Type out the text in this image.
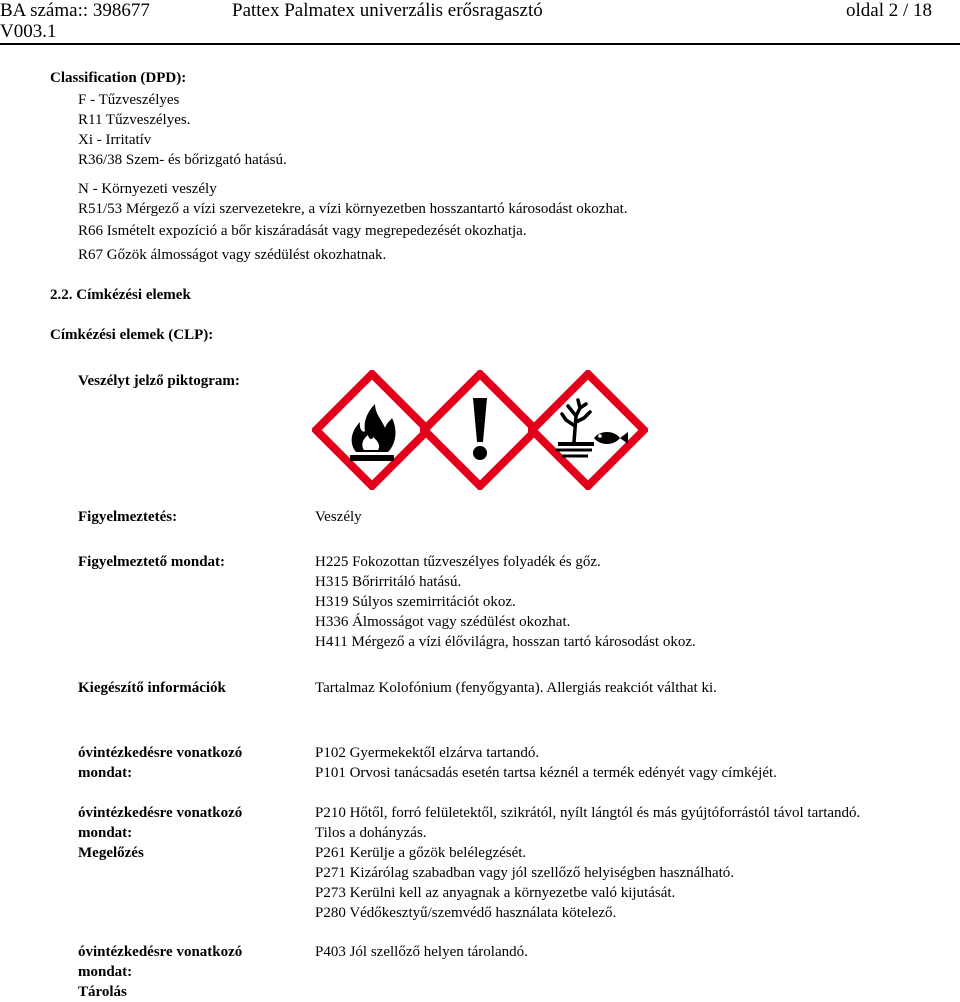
BA száma:: 398677
V003.1
Pattex Palmatex univerzális erősragasztó	oldal 2 / 18
Classification (DPD):
F - Tűzveszélyes
R11 Tűzveszélyes.
Xi - Irritatív
R36/38 Szem- és bőrizgató hatású.
N - Környezeti veszély
R51/53 Mérgező a vízi szervezetekre, a vízi környezetben hosszantartó károsodást okozhat.
R66 Ismételt expozíció a bőr kiszáradását vagy megrepedezését okozhatja.
R67 Gőzök álmosságot vagy szédülést okozhatnak.
2.2. Címkézési elemek
Címkézési elemek (CLP):
Veszélyt jelző piktogram:
Figyelmeztetés:	Veszély
Figyelmeztető mondat:	H225 Fokozottan tűzveszélyes folyadék és gőz.
H315 Bőrirritáló hatású.
H319 Súlyos szemirritációt okoz.
H336 Álmosságot vagy szédülést okozhat.
H411 Mérgező a vízi élővilágra, hosszan tartó károsodást okoz.
Kiegészítő információk	Tartalmaz Kolofónium (fenyőgyanta). Allergiás reakciót válthat ki.
óvintézkedésre vonatkozó
mondat:
P102 Gyermekektől elzárva tartandó.
P101 Orvosi tanácsadás esetén tartsa kéznél a termék edényét vagy címkéjét.
óvintézkedésre vonatkozó
mondat:
Megelőzés
P210 Hőtől, forró felületektől, szikrától, nyílt lángtól és más gyújtóforrástól távol tartandó.
Tilos a dohányzás.
P261 Kerülje a gőzök belélegzését.
P271 Kizárólag szabadban vagy jól szellőző helyiségben használható.
P273 Kerülni kell az anyagnak a környezetbe való kijutását.
P280 Védőkesztyű/szemvédő használata kötelező.
óvintézkedésre vonatkozó
mondat:
Tárolás
P403 Jól szellőző helyen tárolandó.
